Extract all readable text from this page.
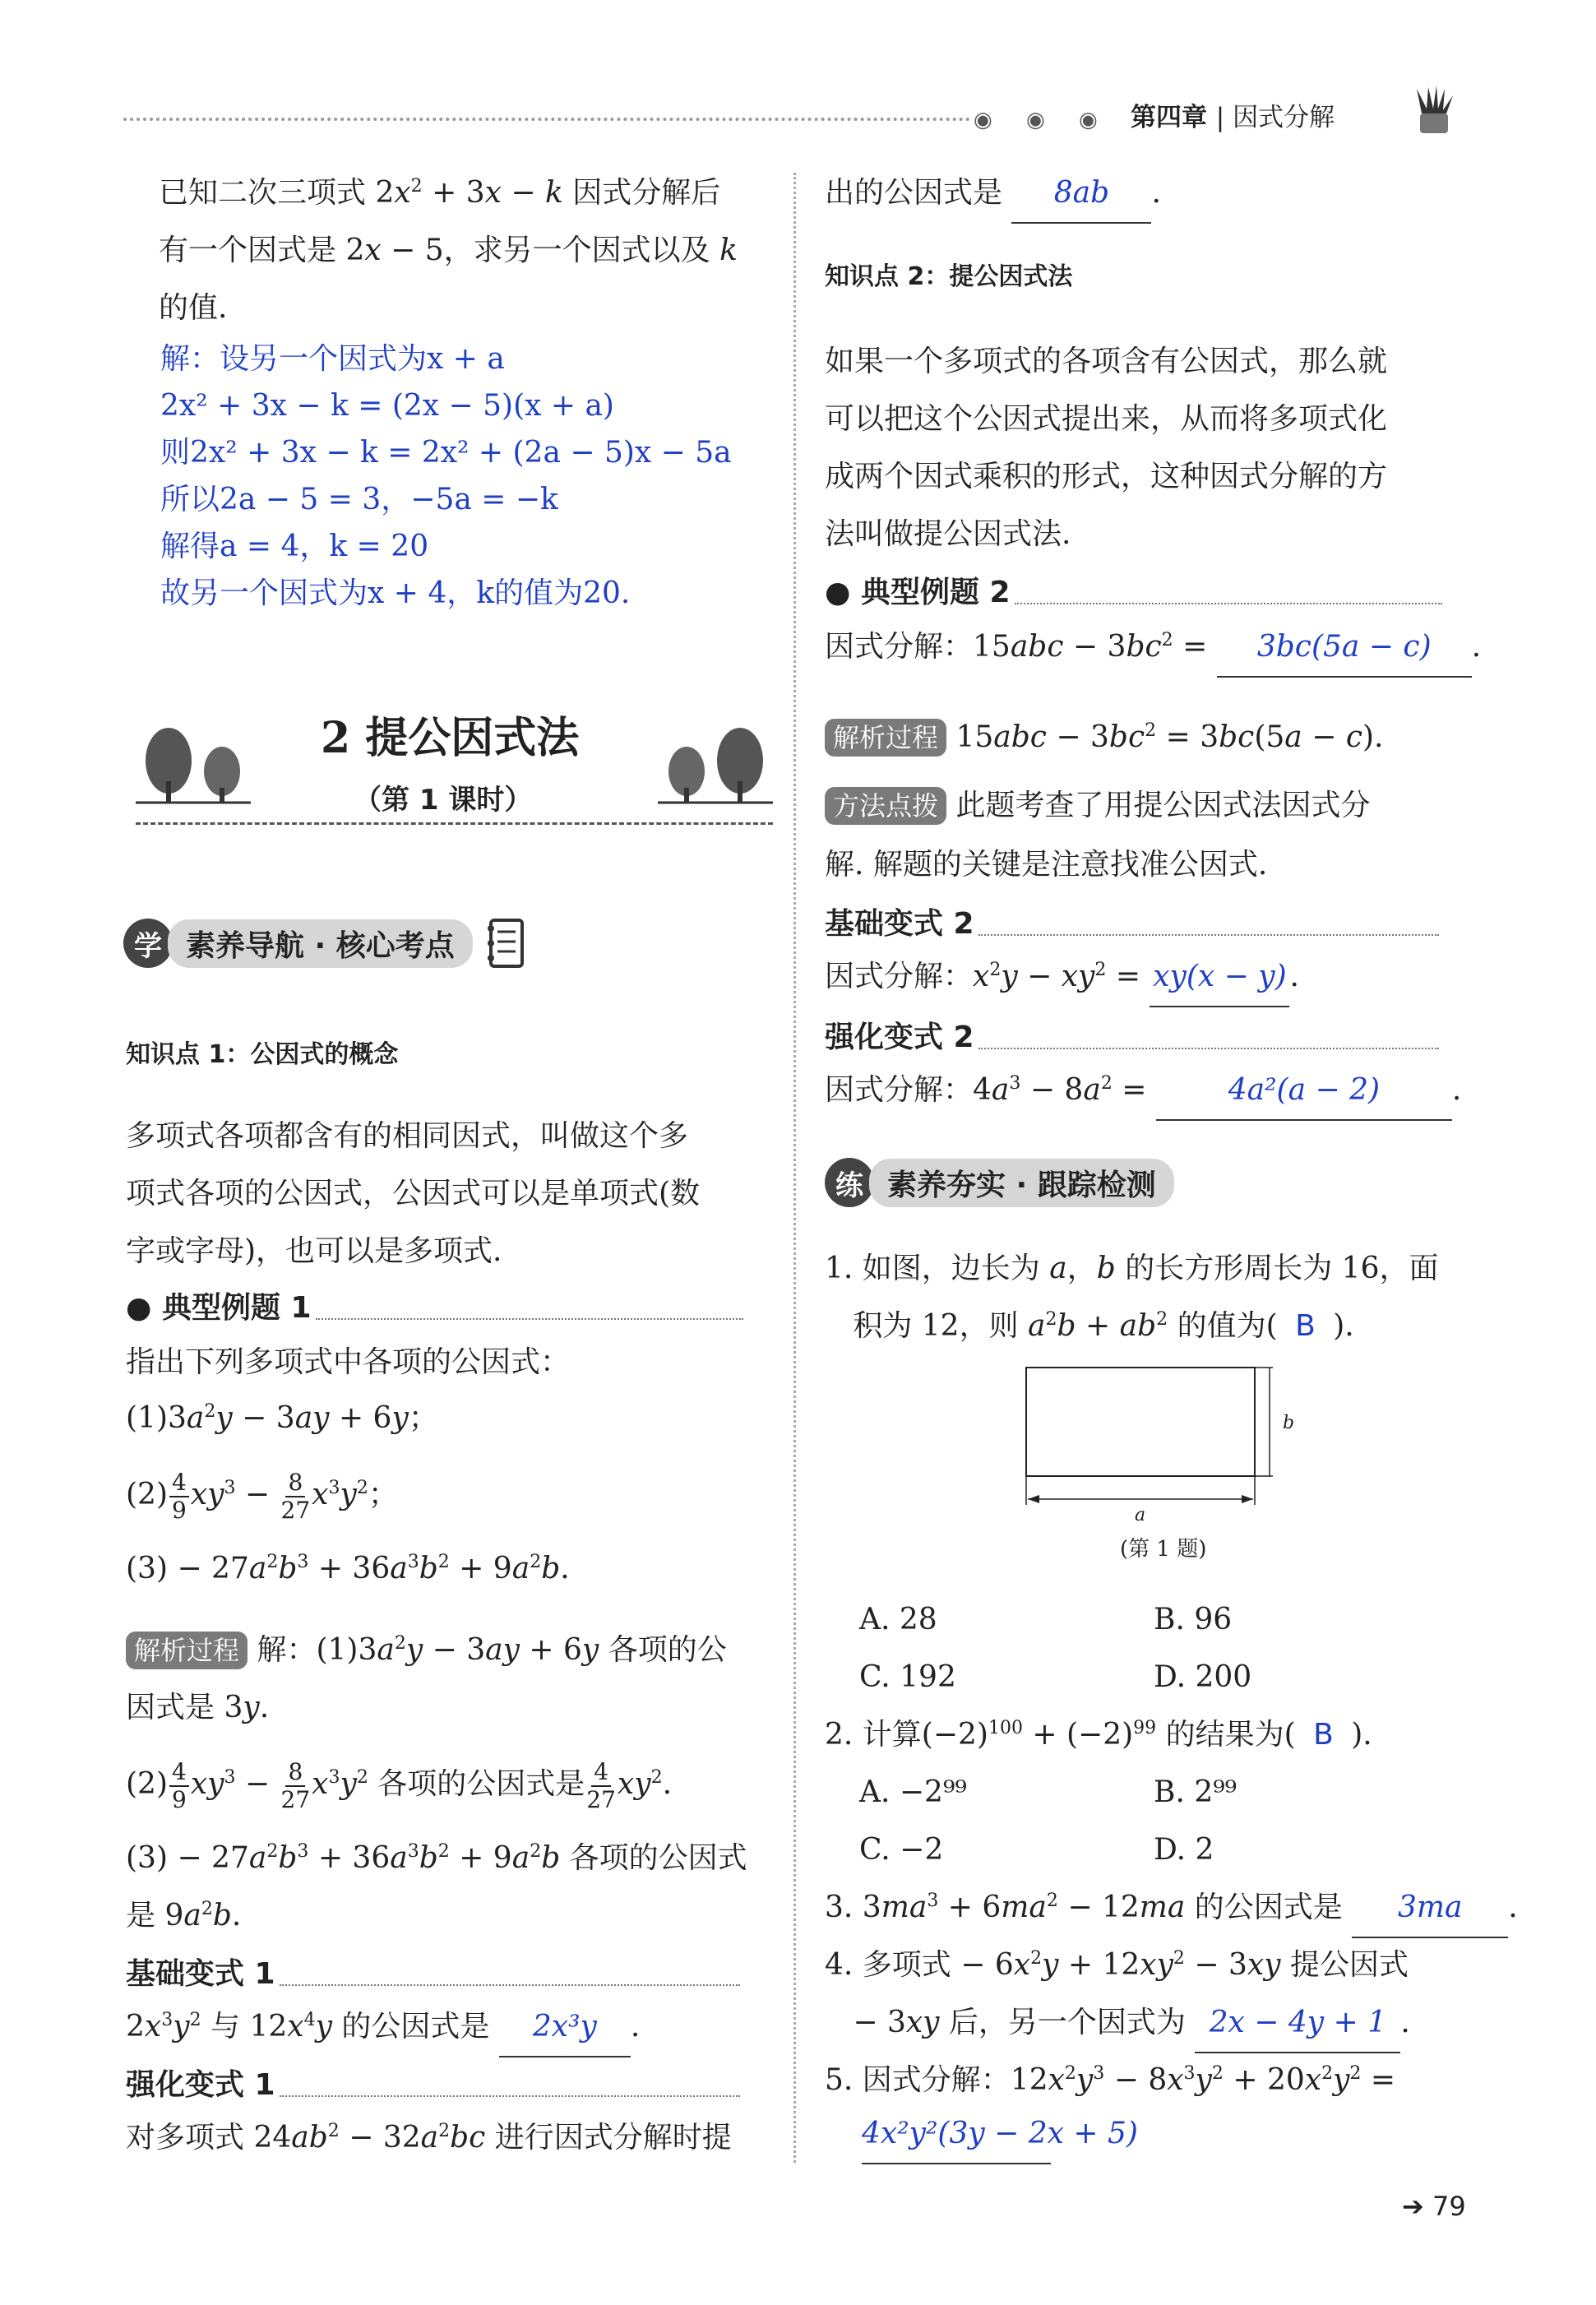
◉     ◉     ◉ 第四章 | 因式分解
已知二次三项式 $2x^2 + 3x - k$ 因式分解后
有一个因式是 2x − 5，求另一个因式以及 k
的值.
解：设另一个因式为x + a
2x² + 3x − k = (2x − 5)(x + a)
则2x² + 3x − k = 2x² + (2a − 5)x − 5a
所以2a − 5 = 3，−5a = −k
解得a = 4，k = 20
故另一个因式为x + 4，k的值为20.
2 提公因式法
（第 1 课时）
学 素养导航 · 核心考点
知识点 1：公因式的概念
多项式各项都含有的相同因式，叫做这个多
项式各项的公因式，公因式可以是单项式(数
字或字母)，也可以是多项式.
● 典型例题 1
指出下列多项式中各项的公因式：
$(1)3a^2y - 3ay + 6y$；
$(2) \frac{4}{9} xy^3 - \frac{8}{27} x^3y^2$；
$(3) - 27a^2b^3 + 36a^3b^2 + 9a^2b$.
解析过程 解：$(1)3a^2y - 3ay + 6y$ 各项的公
因式是 3y.
$(2) \frac{4}{9} xy^3 - \frac{8}{27} x^3y^2$ 各项的公因式是 $\frac{4}{27} xy^2$.
$(3) - 27a^2b^3 + 36a^3b^2 + 9a^2b$ 各项的公因式
是 $9a^2b$.
基础变式 1
$2x^3y^2$ 与 $12x^4y$ 的公因式是 2x³y .
强化变式 1
对多项式 $24ab^2 - 32a^2bc$ 进行因式分解时提
出的公因式是 8ab .
知识点 2：提公因式法
如果一个多项式的各项含有公因式，那么就
可以把这个公因式提出来，从而将多项式化
成两个因式乘积的形式，这种因式分解的方
法叫做提公因式法.
● 典型例题 2
因式分解：$15abc - 3bc^2 = 3bc(5a - c)$ .
解析过程 $15abc - 3bc^2 = 3bc(5a - c)$.
方法点拨 此题考查了用提公因式法因式分
解. 解题的关键是注意找准公因式.
基础变式 2
因式分解：$x^2y - xy^2 = xy(x - y)$ .
强化变式 2
因式分解：$4a^3 - 8a^2 = 4a^2(a - 2)$ .
练 素养夯实 · 跟踪检测
1. 如图，边长为 a，b 的长方形周长为 16，面
积为 12，则 $a^2b + ab^2$ 的值为( B ).
b
a
(第 1 题)
A. 28	B. 96
C. 192	D. 200
2. 计算$(-2)^{100} + (-2)^{99}$ 的结果为( B ).
A. −2⁹⁹	B. 2⁹⁹
C. −2	D. 2
3. $3ma^3 + 6ma^2 - 12ma$ 的公因式是 3ma .
4. 多项式 − $6x^2y + 12xy^2 - 3xy$ 提公因式
− 3xy 后，另一个因式为 2x − 4y + 1 .
5. 因式分解：$12x^2y^3 - 8x^3y^2 + 20x^2y^2$ =
4x²y²(3y − 2x + 5)
➔ 79
